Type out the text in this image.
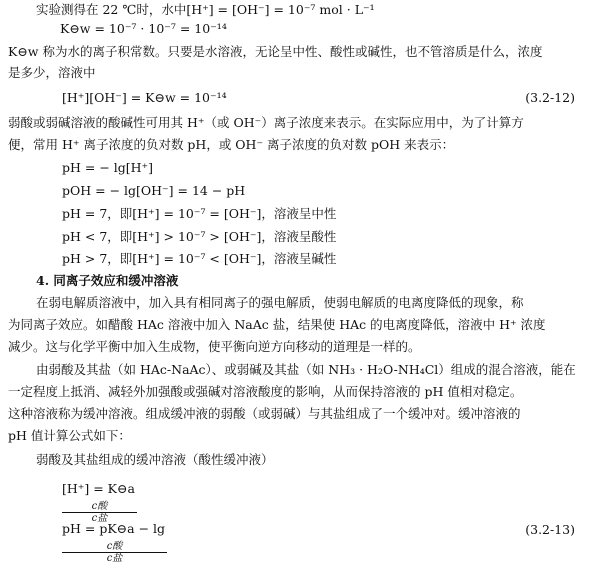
实验测得在 22 ℃时，水中[H⁺] = [OH⁻] = 10⁻⁷ mol · L⁻¹
K⊖w = 10⁻⁷ · 10⁻⁷ = 10⁻¹⁴
K⊖w 称为水的离子积常数。只要是水溶液，无论呈中性、酸性或碱性，也不管溶质是什么，浓度
是多少，溶液中
[H⁺][OH⁻] = K⊖w = 10⁻¹⁴	(3.2-12)
弱酸或弱碱溶液的酸碱性可用其 H⁺（或 OH⁻）离子浓度来表示。在实际应用中，为了计算方
便，常用 H⁺ 离子浓度的负对数 pH，或 OH⁻ 离子浓度的负对数 pOH 来表示：
pH = − lg[H⁺]
pOH = − lg[OH⁻] = 14 − pH
pH = 7，即[H⁺] = 10⁻⁷ = [OH⁻]，溶液呈中性
pH < 7，即[H⁺] > 10⁻⁷ > [OH⁻]，溶液呈酸性
pH > 7，即[H⁺] = 10⁻⁷ < [OH⁻]，溶液呈碱性
4. 同离子效应和缓冲溶液
在弱电解质溶液中，加入具有相同离子的强电解质，使弱电解质的电离度降低的现象，称
为同离子效应。如醋酸 HAc 溶液中加入 NaAc 盐，结果使 HAc 的电离度降低，溶液中 H⁺ 浓度
减少。这与化学平衡中加入生成物，使平衡向逆方向移动的道理是一样的。
由弱酸及其盐（如 HAc-NaAc）、或弱碱及其盐（如 NH₃ · H₂O-NH₄Cl）组成的混合溶液，能在
一定程度上抵消、减轻外加强酸或强碱对溶液酸度的影响，从而保持溶液的 pH 值相对稳定。
这种溶液称为缓冲溶液。组成缓冲液的弱酸（或弱碱）与其盐组成了一个缓冲对。缓冲溶液的
pH 值计算公式如下：
弱酸及其盐组成的缓冲溶液（酸性缓冲液）
[H⁺] = K⊖a
c酸
c盐
pH = pK⊖a − lg
c酸
c盐
(3.2-13)
